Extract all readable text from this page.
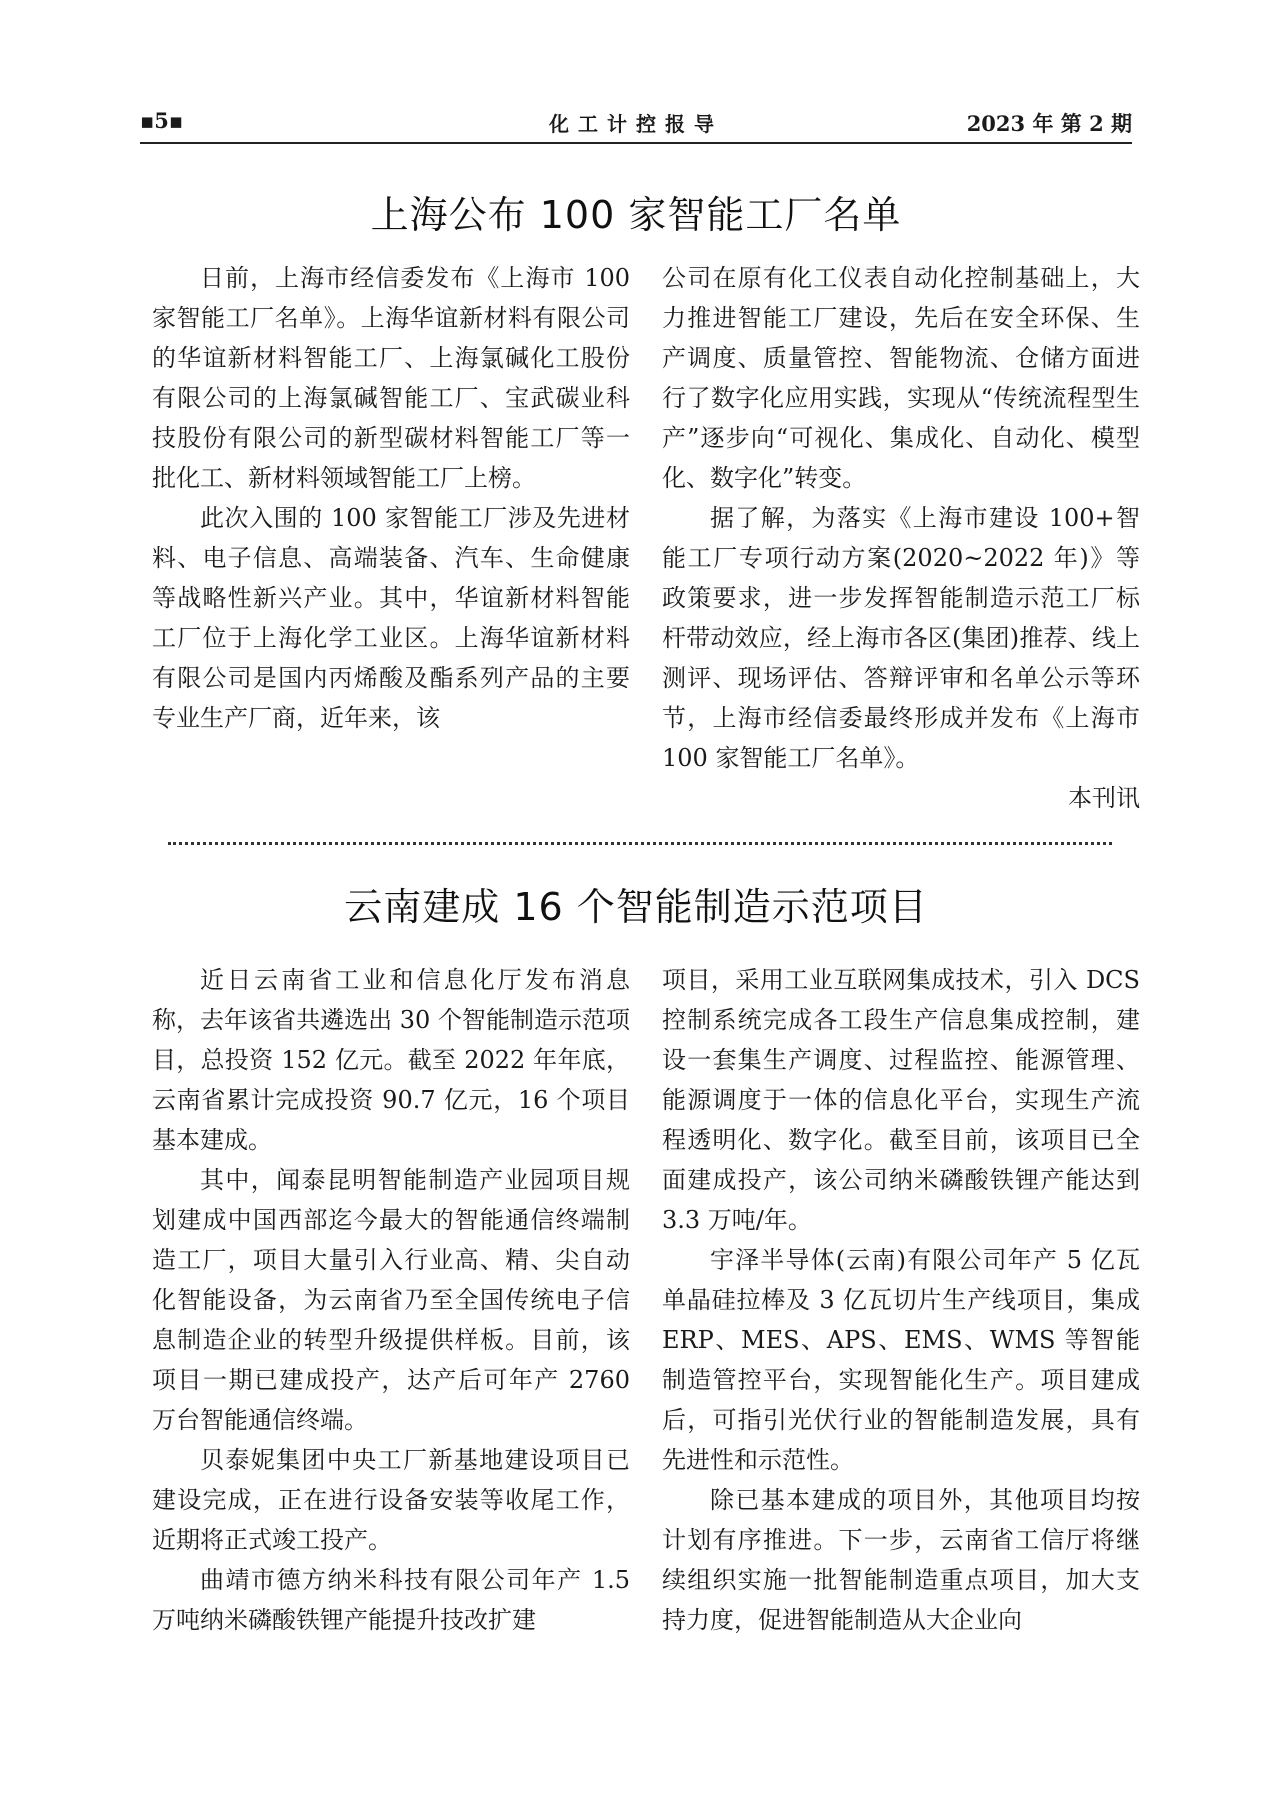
▪5▪	化工计控报导	2023 年 第 2 期
上海公布 100 家智能工厂名单

日前，上海市经信委发布《上海市 100 家智能工厂名单》。上海华谊新材料有限公司的华谊新材料智能工厂、上海氯碱化工股份有限公司的上海氯碱智能工厂、宝武碳业科技股份有限公司的新型碳材料智能工厂等一批化工、新材料领域智能工厂上榜。

此次入围的 100 家智能工厂涉及先进材料、电子信息、高端装备、汽车、生命健康等战略性新兴产业。其中，华谊新材料智能工厂位于上海化学工业区。上海华谊新材料有限公司是国内丙烯酸及酯系列产品的主要专业生产厂商，近年来，该

公司在原有化工仪表自动化控制基础上，大力推进智能工厂建设，先后在安全环保、生产调度、质量管控、智能物流、仓储方面进行了数字化应用实践，实现从“传统流程型生产”逐步向“可视化、集成化、自动化、模型化、数字化”转变。

据了解，为落实《上海市建设 100+智能工厂专项行动方案(2020~2022 年)》等政策要求，进一步发挥智能制造示范工厂标杆带动效应，经上海市各区(集团)推荐、线上测评、现场评估、答辩评审和名单公示等环节，上海市经信委最终形成并发布《上海市 100 家智能工厂名单》。

本刊讯

云南建成 16 个智能制造示范项目

近日云南省工业和信息化厅发布消息称，去年该省共遴选出 30 个智能制造示范项目，总投资 152 亿元。截至 2022 年年底，云南省累计完成投资 90.7 亿元，16 个项目基本建成。

其中，闻泰昆明智能制造产业园项目规划建成中国西部迄今最大的智能通信终端制造工厂，项目大量引入行业高、精、尖自动化智能设备，为云南省乃至全国传统电子信息制造企业的转型升级提供样板。目前，该项目一期已建成投产，达产后可年产 2760 万台智能通信终端。

贝泰妮集团中央工厂新基地建设项目已建设完成，正在进行设备安装等收尾工作，近期将正式竣工投产。

曲靖市德方纳米科技有限公司年产 1.5 万吨纳米磷酸铁锂产能提升技改扩建

项目，采用工业互联网集成技术，引入 DCS 控制系统完成各工段生产信息集成控制，建设一套集生产调度、过程监控、能源管理、能源调度于一体的信息化平台，实现生产流程透明化、数字化。截至目前，该项目已全面建成投产，该公司纳米磷酸铁锂产能达到 3.3 万吨/年。

宇泽半导体(云南)有限公司年产 5 亿瓦单晶硅拉棒及 3 亿瓦切片生产线项目，集成 ERP、MES、APS、EMS、WMS 等智能制造管控平台，实现智能化生产。项目建成后，可指引光伏行业的智能制造发展，具有先进性和示范性。

除已基本建成的项目外，其他项目均按计划有序推进。下一步，云南省工信厅将继续组织实施一批智能制造重点项目，加大支持力度，促进智能制造从大企业向
